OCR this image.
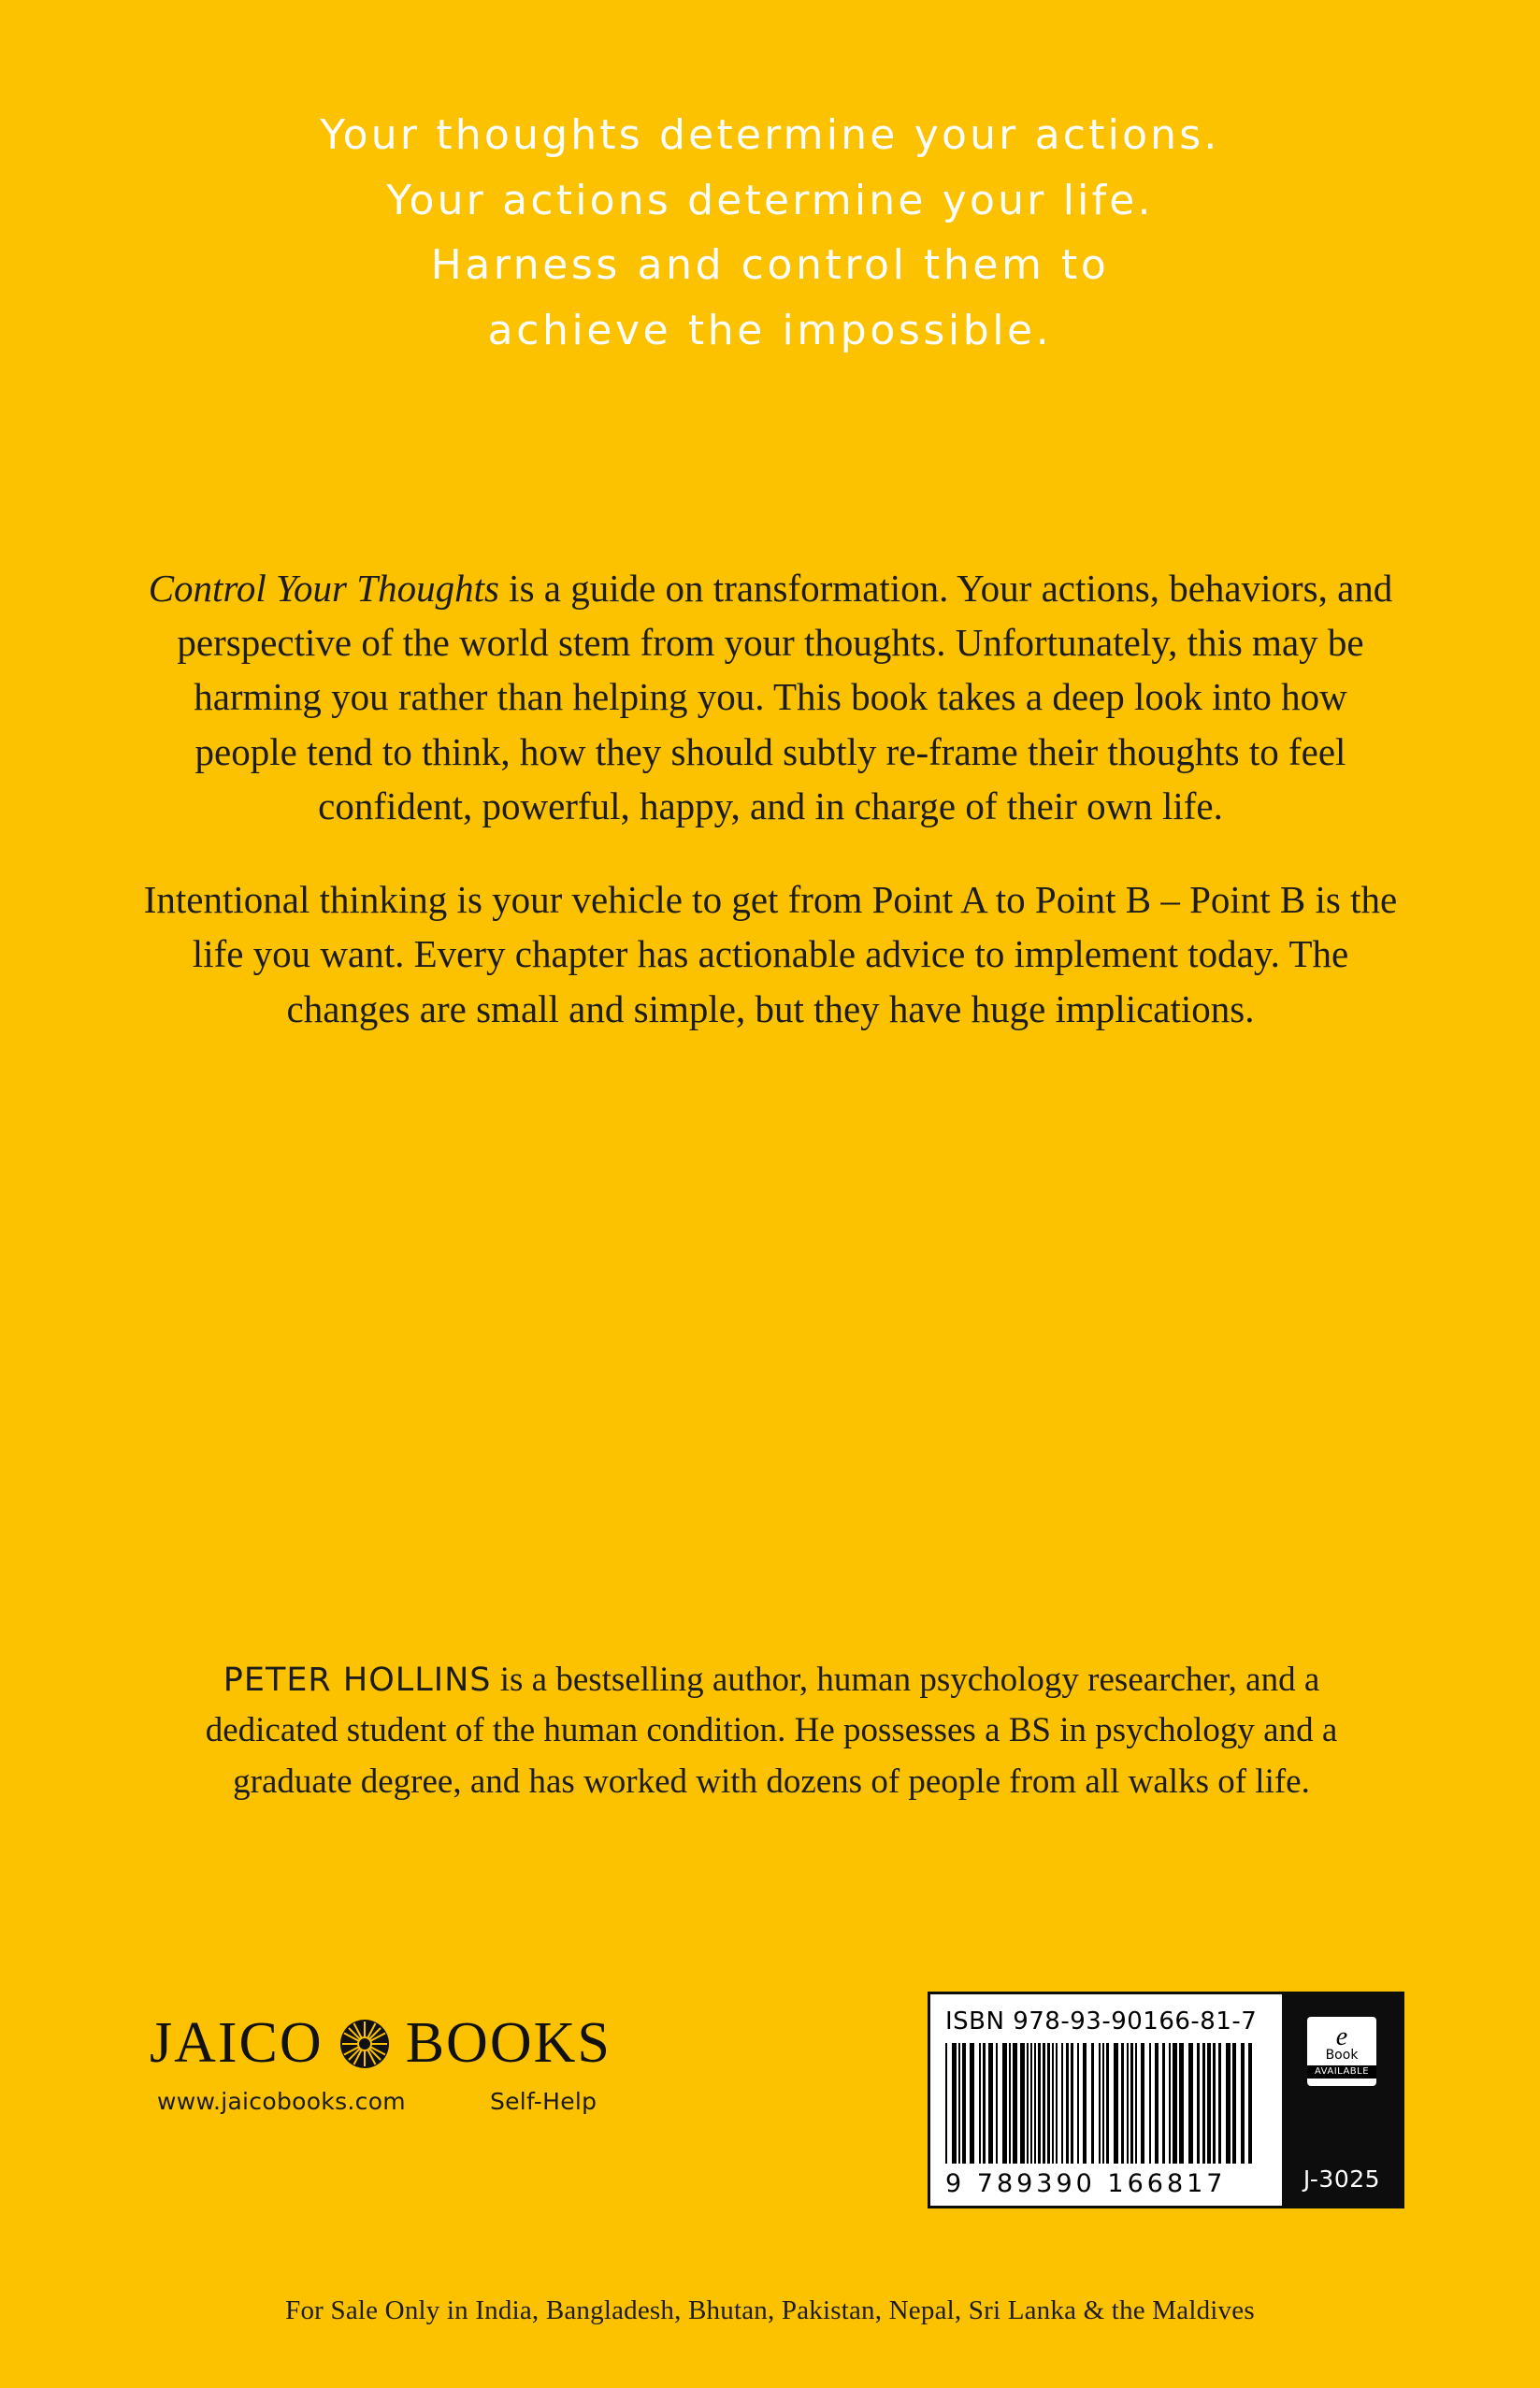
Your thoughts determine your actions.
Your actions determine your life.
Harness and control them to
achieve the impossible.

Control Your Thoughts is a guide on transformation. Your actions, behaviors, and perspective of the world stem from your thoughts. Unfortunately, this may be harming you rather than helping you. This book takes a deep look into how people tend to think, how they should subtly re-frame their thoughts to feel confident, powerful, happy, and in charge of their own life.

Intentional thinking is your vehicle to get from Point A to Point B – Point B is the life you want. Every chapter has actionable advice to implement today. The changes are small and simple, but they have huge implications.

PETER HOLLINS is a bestselling author, human psychology researcher, and a dedicated student of the human condition. He possesses a BS in psychology and a graduate degree, and has worked with dozens of people from all walks of life.
JAICO BOOKS
www.jaicobooks.com	Self-Help
ISBN 978-93-90166-81-7
9 789390 166817
e
Book
AVAILABLE
J-3025
For Sale Only in India, Bangladesh, Bhutan, Pakistan, Nepal, Sri Lanka & the Maldives
